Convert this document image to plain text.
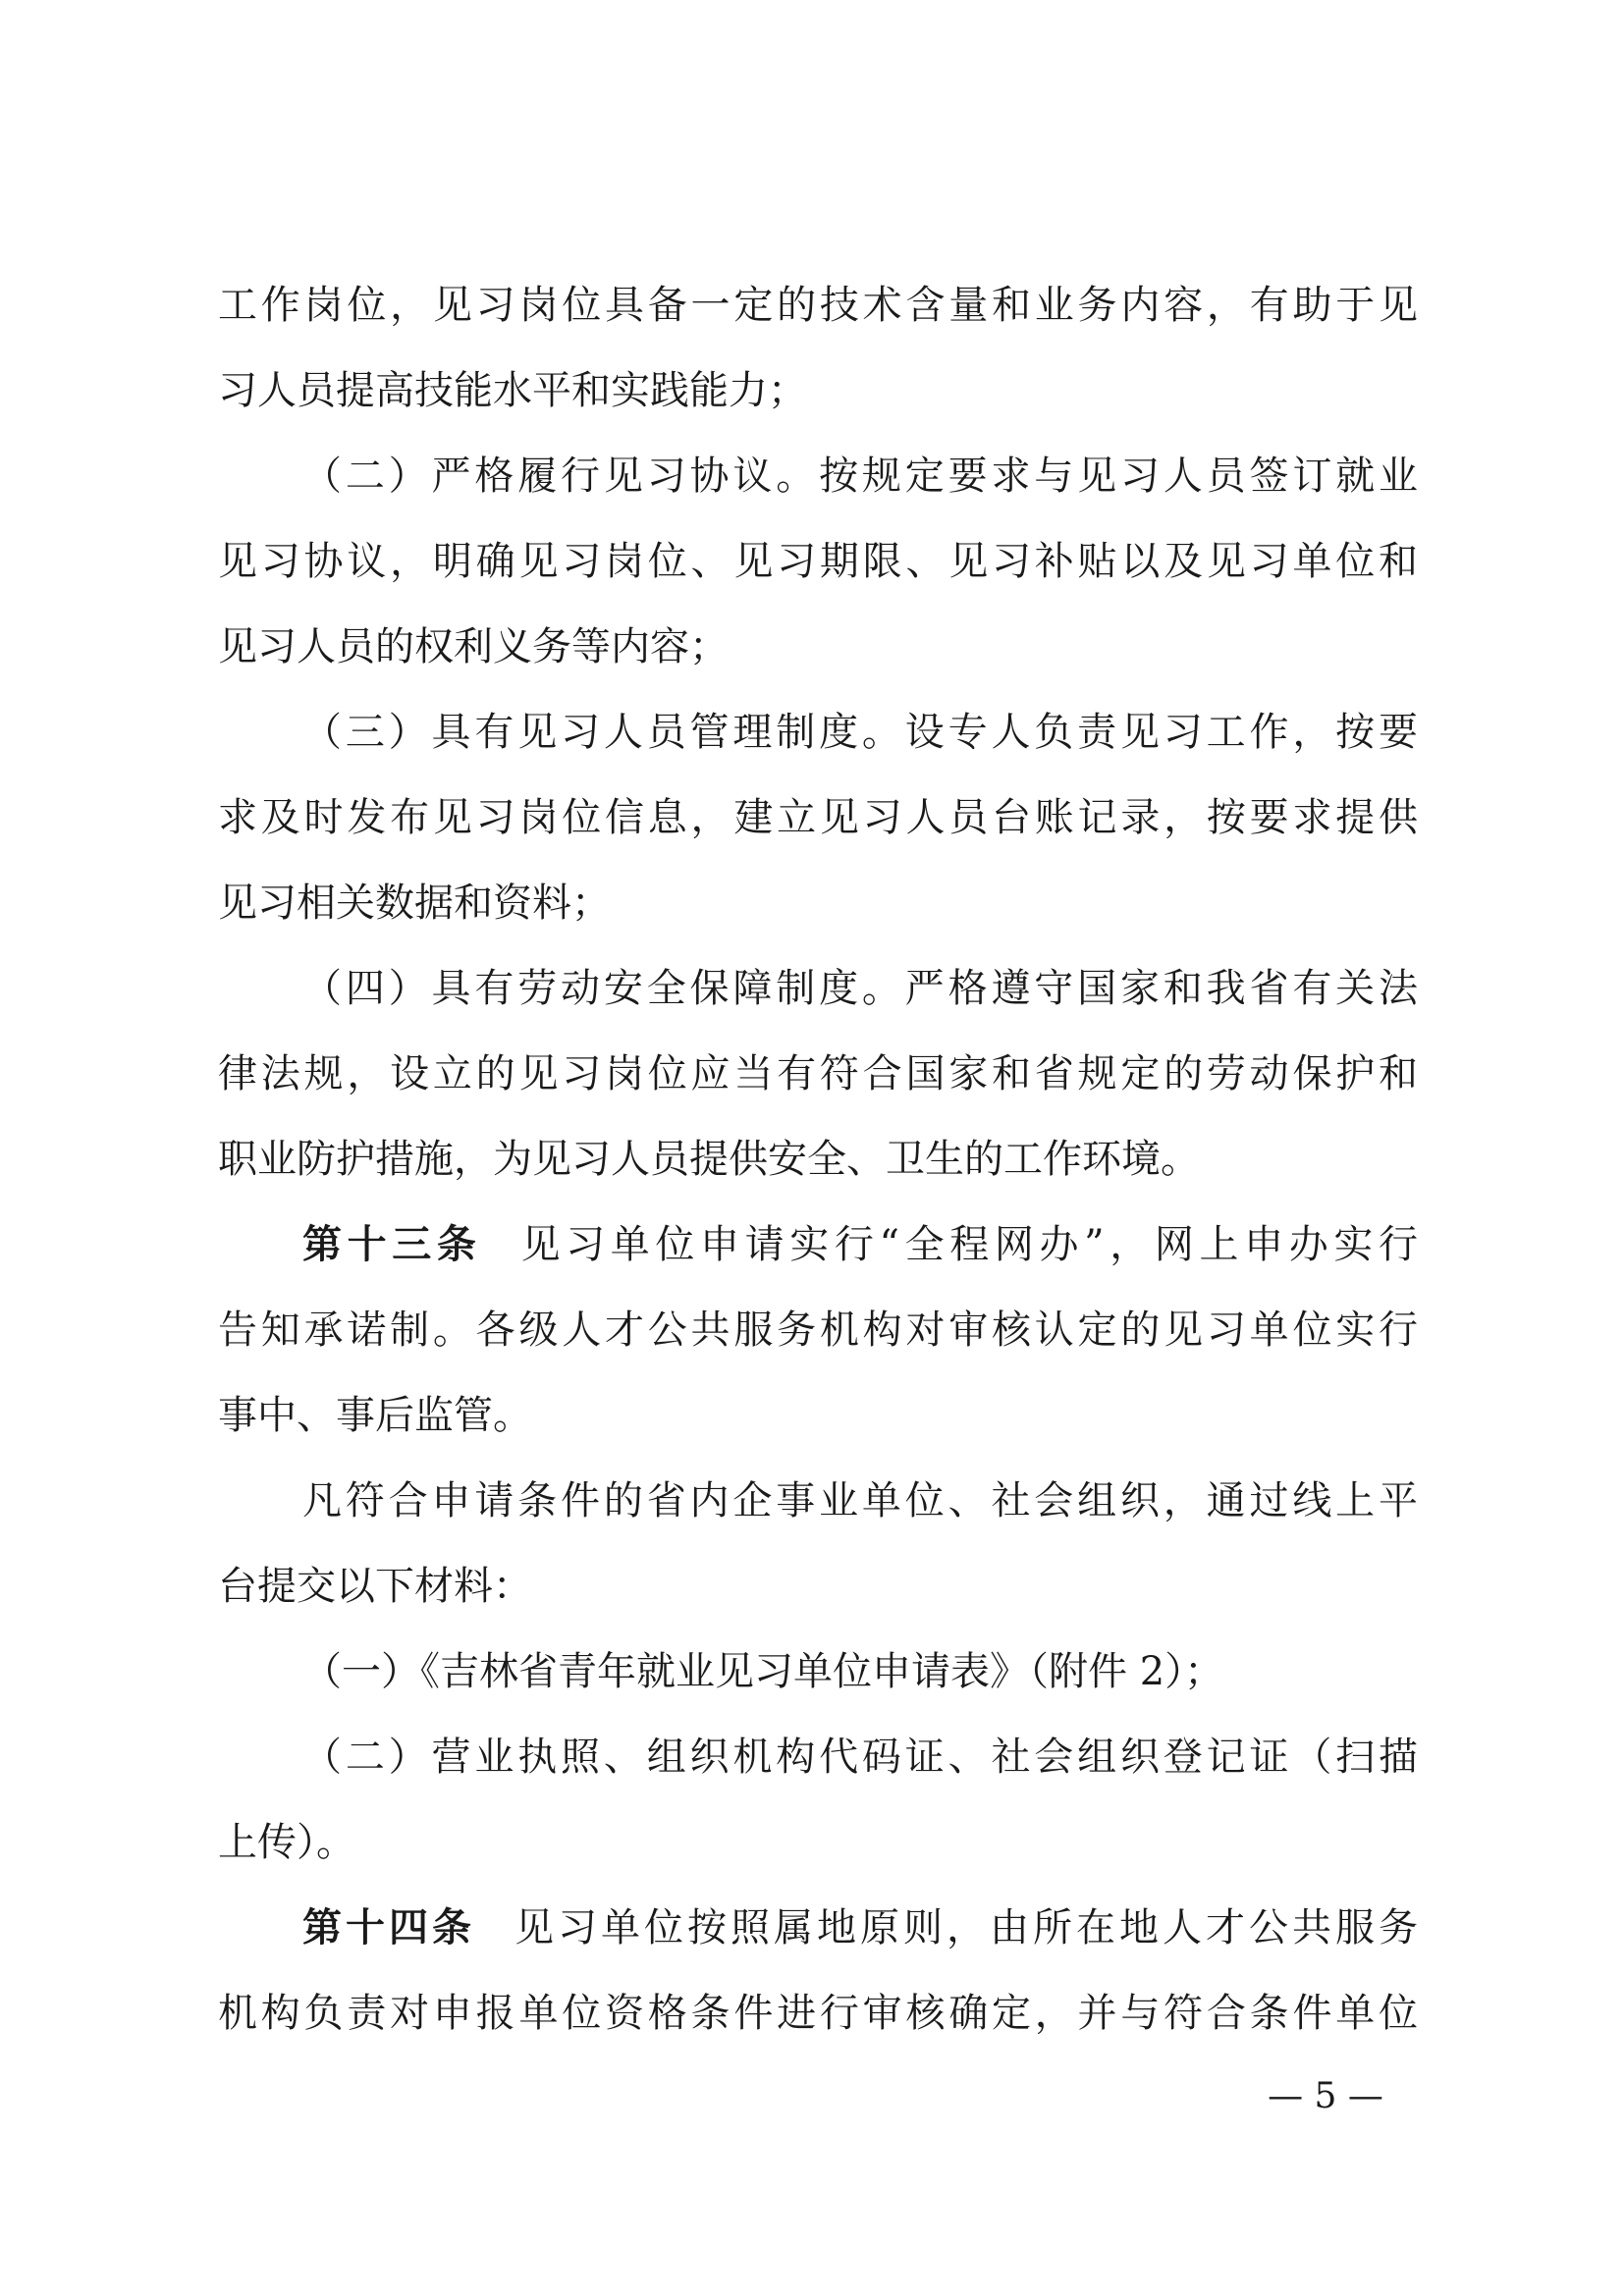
工作岗位，见习岗位具备一定的技术含量和业务内容，有助于见
习人员提高技能水平和实践能力；
（二）严格履行见习协议。按规定要求与见习人员签订就业
见习协议，明确见习岗位、见习期限、见习补贴以及见习单位和
见习人员的权利义务等内容；
（三）具有见习人员管理制度。设专人负责见习工作，按要
求及时发布见习岗位信息，建立见习人员台账记录，按要求提供
见习相关数据和资料；
（四）具有劳动安全保障制度。严格遵守国家和我省有关法
律法规，设立的见习岗位应当有符合国家和省规定的劳动保护和
职业防护措施，为见习人员提供安全、卫生的工作环境。
第十三条 见习单位申请实行“全程网办”，网上申办实行
告知承诺制。各级人才公共服务机构对审核认定的见习单位实行
事中、事后监管。
凡符合申请条件的省内企事业单位、社会组织，通过线上平
台提交以下材料：
（一）《吉林省青年就业见习单位申请表》（附件 2）；
（二）营业执照、组织机构代码证、社会组织登记证（扫描
上传）。
第十四条 见习单位按照属地原则，由所在地人才公共服务
机构负责对申报单位资格条件进行审核确定，并与符合条件单位
— 5 —
